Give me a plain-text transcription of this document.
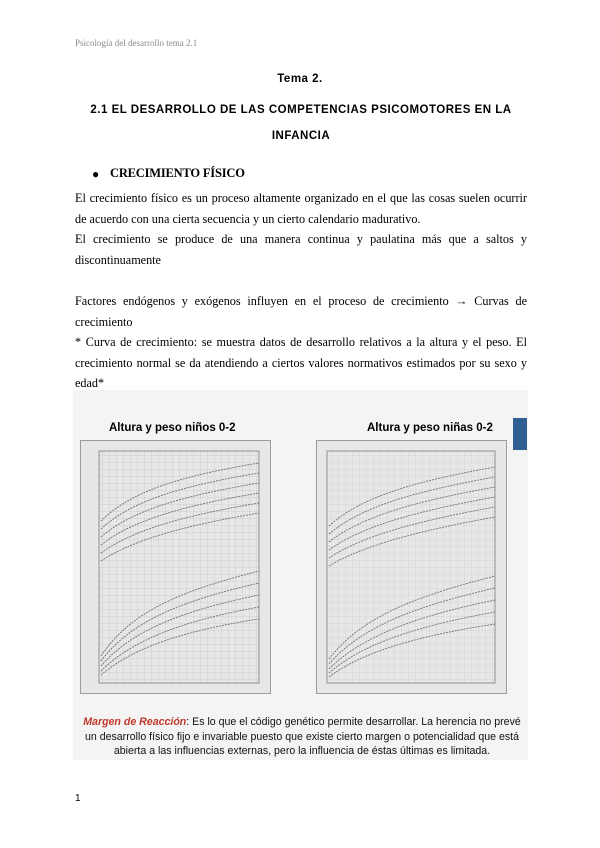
Psicología del desarrollo tema 2.1
Tema 2.
2.1 EL DESARROLLO DE LAS COMPETENCIAS PSICOMOTORES EN LA INFANCIA
● CRECIMIENTO FÍSICO
El crecimiento físico es un proceso altamente organizado en el que las cosas suelen ocurrir de acuerdo con una cierta secuencia y un cierto calendario madurativo.
El crecimiento se produce de una manera continua y paulatina más que a saltos y discontinuamente
Factores endógenos y exógenos influyen en el proceso de crecimiento → Curvas de crecimiento
* Curva de crecimiento: se muestra datos de desarrollo relativos a la altura y el peso. El crecimiento normal se da atendiendo a ciertos valores normativos estimados por su sexo y edad*
Altura y peso niños 0-2	Altura y peso niñas 0-2
Margen de Reacción: Es lo que el código genético permite desarrollar. La herencia no prevé un desarrollo físico fijo e invariable puesto que existe cierto margen o potencialidad que está abierta a las influencias externas, pero la influencia de éstas últimas es limitada.
1
